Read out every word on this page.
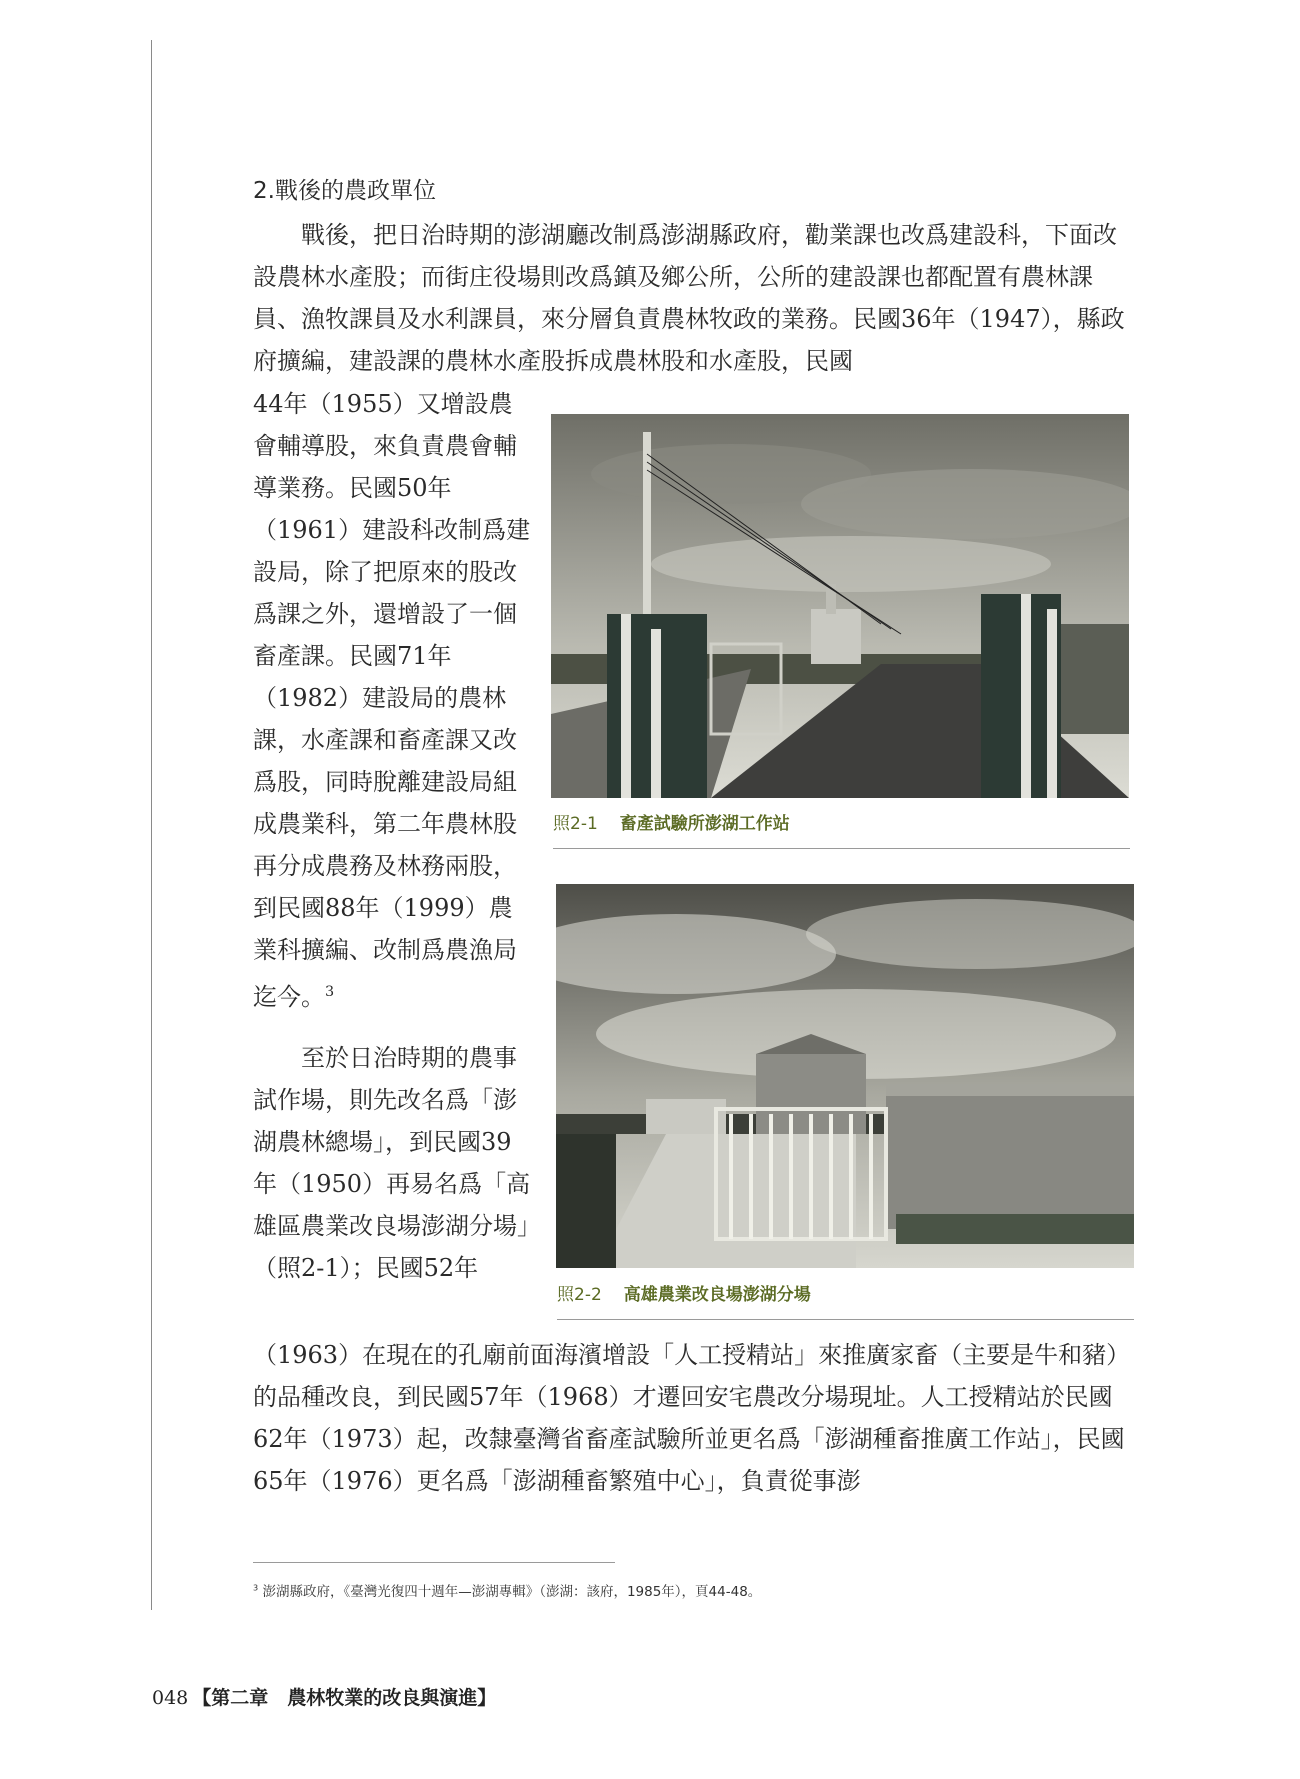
2.戰後的農政單位

戰後，把日治時期的澎湖廳改制爲澎湖縣政府，勸業課也改爲建設科，下面改設農林水產股；而街庄役場則改爲鎮及鄉公所，公所的建設課也都配置有農林課員、漁牧課員及水利課員，來分層負責農林牧政的業務。民國36年（1947），縣政府擴編，建設課的農林水產股拆成農林股和水產股，民國

44年（1955）又增設農會輔導股，來負責農會輔導業務。民國50年（1961）建設科改制爲建設局，除了把原來的股改爲課之外，還增設了一個畜產課。民國71年（1982）建設局的農林課，水產課和畜產課又改爲股，同時脫離建設局組成農業科，第二年農林股再分成農務及林務兩股，到民國88年（1999）農業科擴編、改制爲農漁局迄今。$^3$

至於日治時期的農事試作場，則先改名爲「澎湖農林總場」，到民國39年（1950）再易名爲「高雄區農業改良場澎湖分場」（照2-1）；民國52年

（1963）在現在的孔廟前面海濱增設「人工授精站」來推廣家畜（主要是牛和豬）的品種改良，到民國57年（1968）才遷回安宅農改分場現址。人工授精站於民國62年（1973）起，改隸臺灣省畜產試驗所並更名爲「澎湖種畜推廣工作站」，民國65年（1976）更名爲「澎湖種畜繁殖中心」，負責從事澎

照2-1 畜產試驗所澎湖工作站
照2-2 高雄農業改良場澎湖分場
$^3$ 澎湖縣政府，《臺灣光復四十週年—澎湖專輯》（澎湖：該府，1985年），頁44-48。
048 【第二章　農林牧業的改良與演進】
